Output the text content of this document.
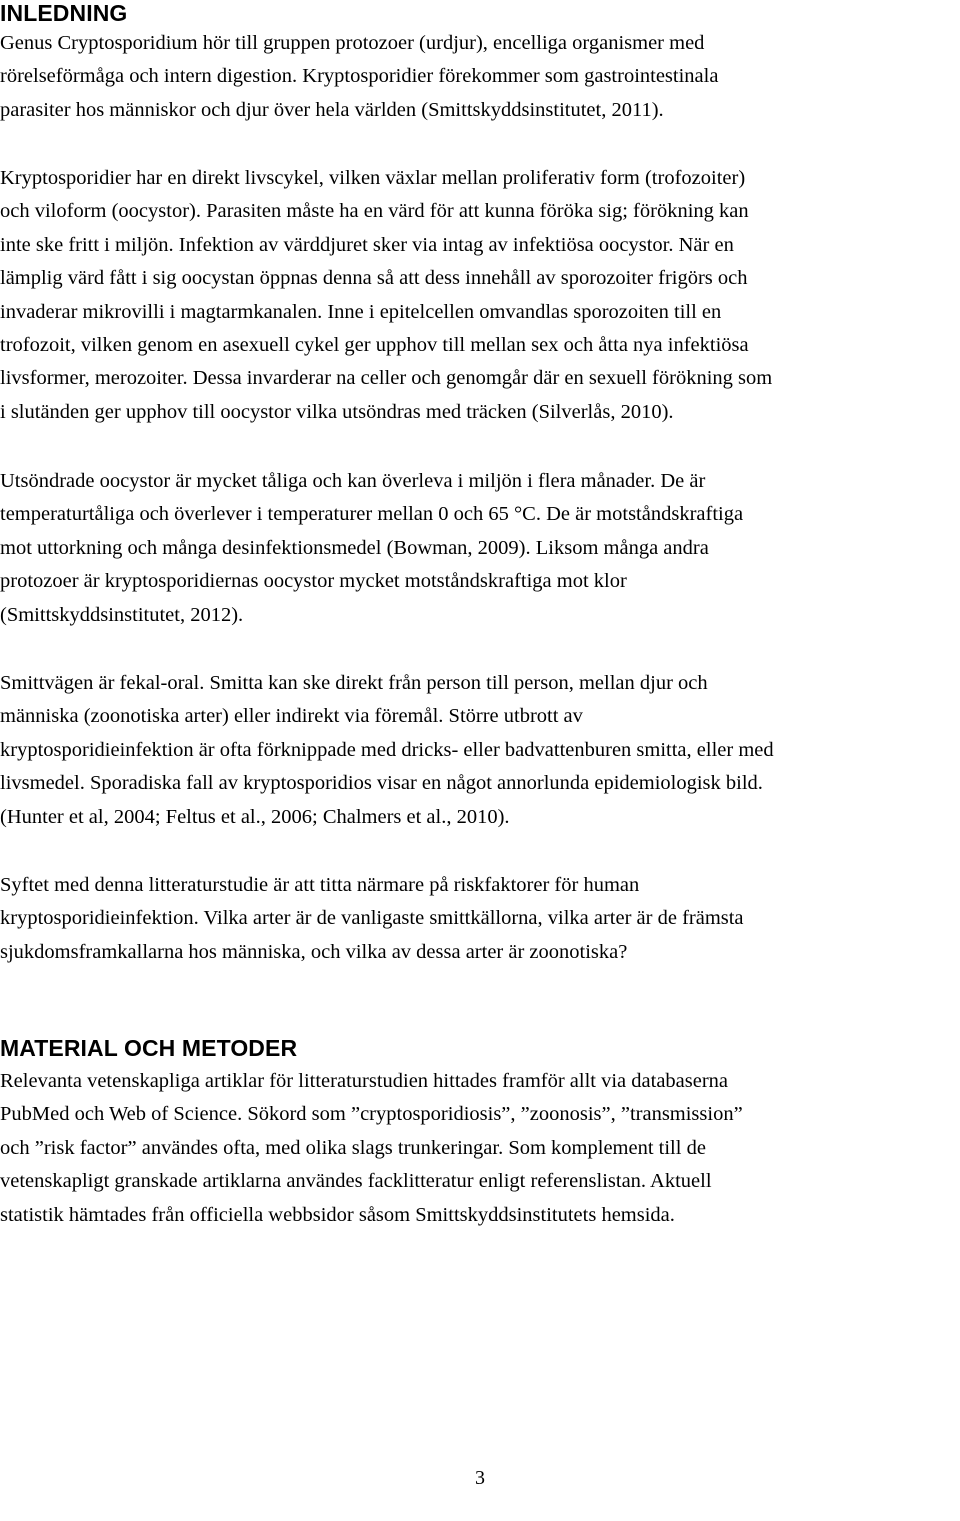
INLEDNING
Genus Cryptosporidium hör till gruppen protozoer (urdjur), encelliga organismer med
rörelseförmåga och intern digestion. Kryptosporidier förekommer som gastrointestinala
parasiter hos människor och djur över hela världen (Smittskyddsinstitutet, 2011).
Kryptosporidier har en direkt livscykel, vilken växlar mellan proliferativ form (trofozoiter)
och viloform (oocystor). Parasiten måste ha en värd för att kunna föröka sig; förökning kan
inte ske fritt i miljön. Infektion av värddjuret sker via intag av infektiösa oocystor. När en
lämplig värd fått i sig oocystan öppnas denna så att dess innehåll av sporozoiter frigörs och
invaderar mikrovilli i magtarmkanalen. Inne i epitelcellen omvandlas sporozoiten till en
trofozoit, vilken genom en asexuell cykel ger upphov till mellan sex och åtta nya infektiösa
livsformer, merozoiter. Dessa invarderar na celler och genomgår där en sexuell förökning som
i slutänden ger upphov till oocystor vilka utsöndras med träcken (Silverlås, 2010).
Utsöndrade oocystor är mycket tåliga och kan överleva i miljön i flera månader. De är
temperaturtåliga och överlever i temperaturer mellan 0 och 65 °C. De är motståndskraftiga
mot uttorkning och många desinfektionsmedel (Bowman, 2009). Liksom många andra
protozoer är kryptosporidiernas oocystor mycket motståndskraftiga mot klor
(Smittskyddsinstitutet, 2012).
Smittvägen är fekal-oral. Smitta kan ske direkt från person till person, mellan djur och
människa (zoonotiska arter) eller indirekt via föremål. Större utbrott av
kryptosporidieinfektion är ofta förknippade med dricks- eller badvattenburen smitta, eller med
livsmedel. Sporadiska fall av kryptosporidios visar en något annorlunda epidemiologisk bild.
(Hunter et al, 2004; Feltus et al., 2006; Chalmers et al., 2010).
Syftet med denna litteraturstudie är att titta närmare på riskfaktorer för human
kryptosporidieinfektion. Vilka arter är de vanligaste smittkällorna, vilka arter är de främsta
sjukdomsframkallarna hos människa, och vilka av dessa arter är zoonotiska?
MATERIAL OCH METODER
Relevanta vetenskapliga artiklar för litteraturstudien hittades framför allt via databaserna
PubMed och Web of Science. Sökord som ”cryptosporidiosis”, ”zoonosis”, ”transmission”
och ”risk factor” användes ofta, med olika slags trunkeringar. Som komplement till de
vetenskapligt granskade artiklarna användes facklitteratur enligt referenslistan. Aktuell
statistik hämtades från officiella webbsidor såsom Smittskyddsinstitutets hemsida.
3
